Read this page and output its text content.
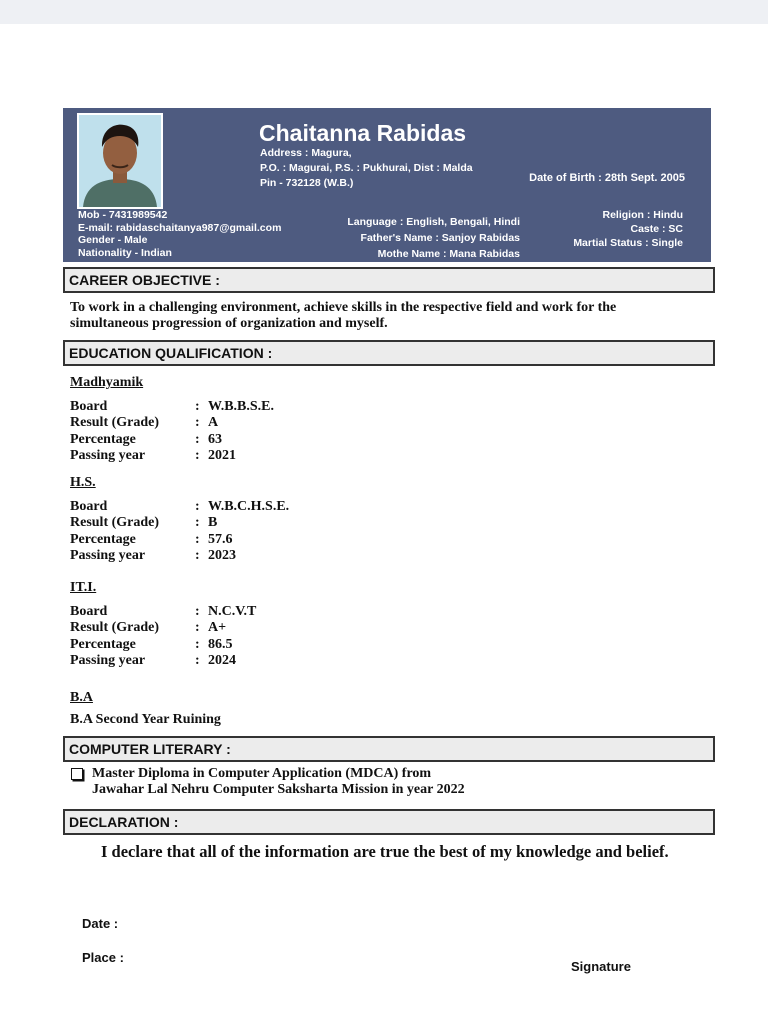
Chaitanna Rabidas
Address : Magura,
P.O. : Magurai, P.S. : Pukhurai, Dist : Malda
Pin - 732128 (W.B.)	Date of Birth : 28th Sept. 2005
Mob - 7431989542
E-mail: rabidaschaitanya987@gmail.com
Gender - Male
Nationality - Indian
Language : English, Bengali, Hindi
Father's Name : Sanjoy Rabidas
Mothe Name : Mana Rabidas
Religion : Hindu
Caste : SC
Martial Status : Single
CAREER OBJECTIVE :
To work in a challenging environment, achieve skills in the respective field and work for the
simultaneous progression of organization and myself.
EDUCATION QUALIFICATION :
Madhyamik
Board	: W.B.B.S.E.
Result (Grade)	: A
Percentage	: 63
Passing year	: 2021
H.S.
Board	: W.B.C.H.S.E.
Result (Grade)	: B
Percentage	: 57.6
Passing year	: 2023
IT.I.
Board	: N.C.V.T
Result (Grade)	: A+
Percentage	: 86.5
Passing year	: 2024
B.A
B.A Second Year Ruining
COMPUTER LITERARY :
Master Diploma in Computer Application (MDCA) from
Jawahar Lal Nehru Computer Saksharta Mission in year 2022
DECLARATION :
I declare that all of the information are true the best of my knowledge and belief.
Date :
Place :
Signature
